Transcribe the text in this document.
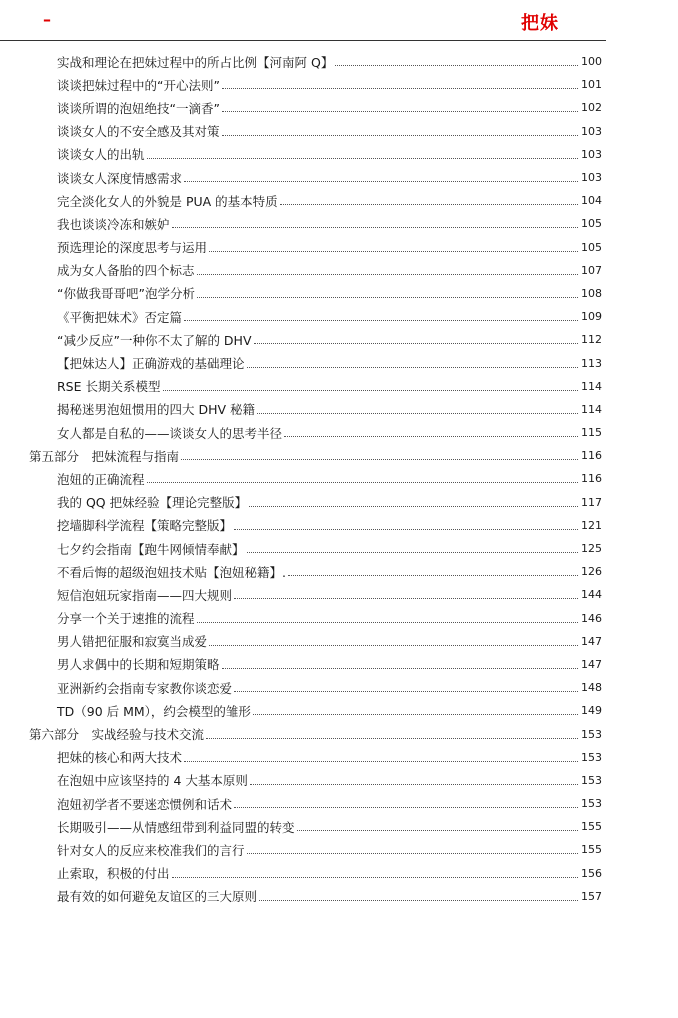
–	把妹
实战和理论在把妹过程中的所占比例【河南阿 Q】	100
谈谈把妹过程中的“开心法则”	101
谈谈所谓的泡妞绝技“一滴香”	102
谈谈女人的不安全感及其对策	103
谈谈女人的出轨	103
谈谈女人深度情感需求	103
完全淡化女人的外貌是 PUA 的基本特质	104
我也谈谈冷冻和嫉妒	105
预选理论的深度思考与运用	105
成为女人备胎的四个标志	107
“你做我哥哥吧”泡学分析	108
《平衡把妹术》否定篇	109
“减少反应”一种你不太了解的 DHV	112
【把妹达人】正确游戏的基础理论	113
RSE 长期关系模型	114
揭秘迷男泡妞惯用的四大 DHV 秘籍	114
女人都是自私的——谈谈女人的思考半径	115
第五部分　把妹流程与指南	116
泡妞的正确流程	116
我的 QQ 把妹经验【理论完整版】	117
挖墙脚科学流程【策略完整版】	121
七夕约会指南【跑牛网倾情奉献】	125
不看后悔的超级泡妞技术贴【泡妞秘籍】.	126
短信泡妞玩家指南——四大规则	144
分享一个关于速推的流程	146
男人错把征服和寂寞当成爱	147
男人求偶中的长期和短期策略	147
亚洲新约会指南专家教你谈恋爱	148
TD（90 后 MM），约会模型的雏形	149
第六部分　实战经验与技术交流	153
把妹的核心和两大技术	153
在泡妞中应该坚持的 4 大基本原则	153
泡妞初学者不要迷恋惯例和话术	153
长期吸引——从情感纽带到利益同盟的转变	155
针对女人的反应来校准我们的言行	155
止索取，积极的付出	156
最有效的如何避免友谊区的三大原则	157
